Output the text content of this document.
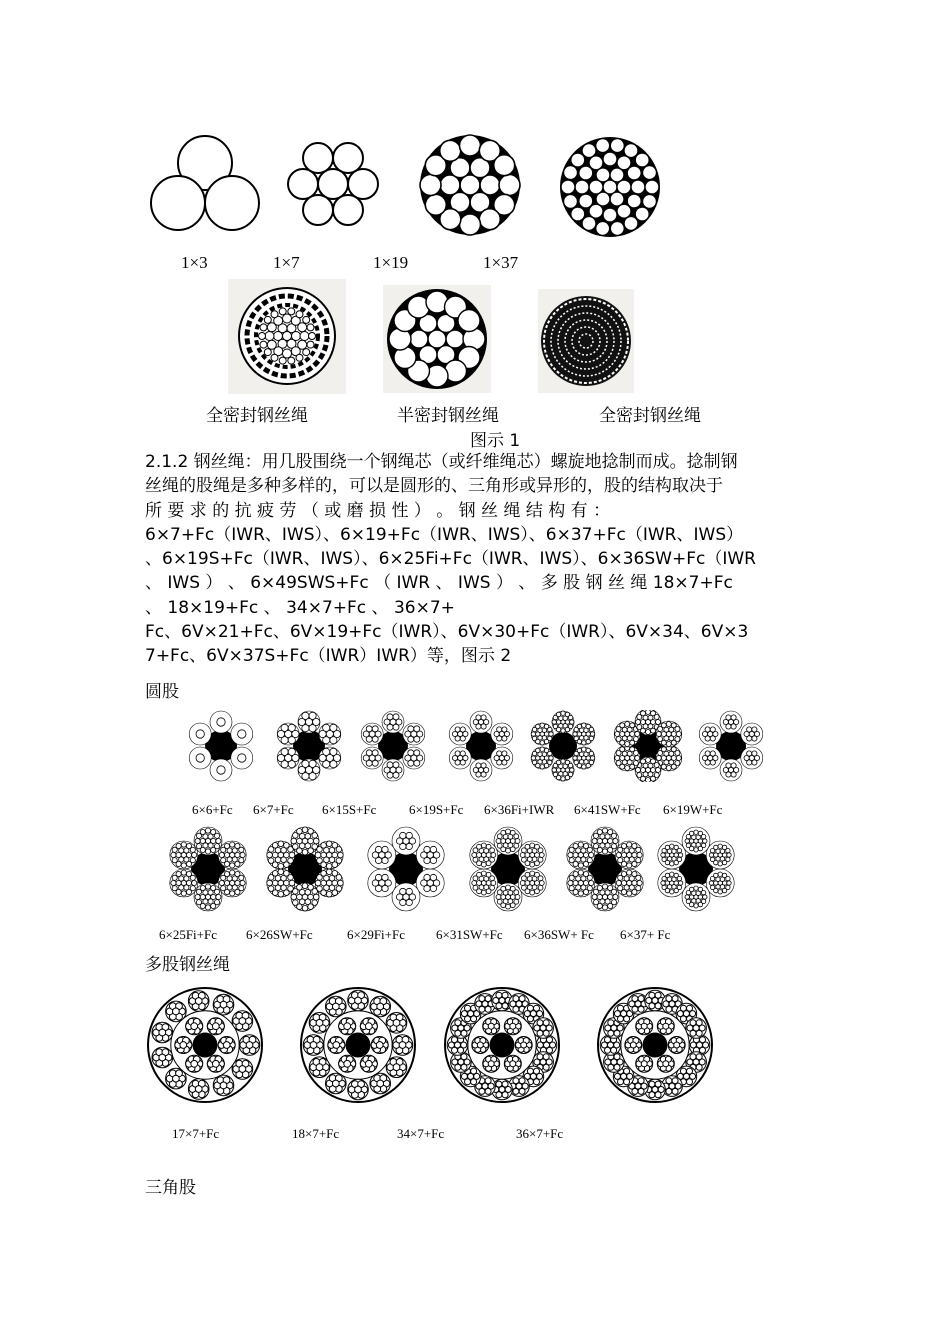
1×3	1×7	1×19	1×37
全密封钢丝绳	半密封钢丝绳	全密封钢丝绳
图示 1

2.1.2 钢丝绳：用几股围绕一个钢绳芯（或纤维绳芯）螺旋地捻制而成。捻制钢

丝绳的股绳是多种多样的，可以是圆形的、三角形或异形的，股的结构取决于

所 要 求 的 抗 疲 劳 （ 或 磨 损 性 ） 。 钢 丝 绳 结 构 有 ：

6×7+Fc（IWR、IWS）、6×19+Fc（IWR、IWS）、6×37+Fc（IWR、IWS）

、6×19S+Fc（IWR、IWS）、6×25Fi+Fc（IWR、IWS）、6×36SW+Fc（IWR

、 IWS ） 、 6×49SWS+Fc （ IWR 、 IWS ） 、 多 股 钢 丝 绳 18×7+Fc

、 18×19+Fc 、 34×7+Fc 、 36×7+

Fc、6V×21+Fc、6V×19+Fc（IWR）、6V×30+Fc（IWR）、6V×34、6V×3

7+Fc、6V×37S+Fc（IWR）IWR）等，图示 2

圆股
6×6+Fc 6×7+Fc 6×15S+Fc	6×19S+Fc 6×36Fi+IWR 6×41SW+Fc 6×19W+Fc
6×25Fi+Fc 6×26SW+Fc	6×29Fi+Fc 6×31SW+Fc 6×36SW+ Fc 6×37+ Fc
多股钢丝绳
17×7+Fc	18×7+Fc	34×7+Fc	36×7+Fc
三角股
